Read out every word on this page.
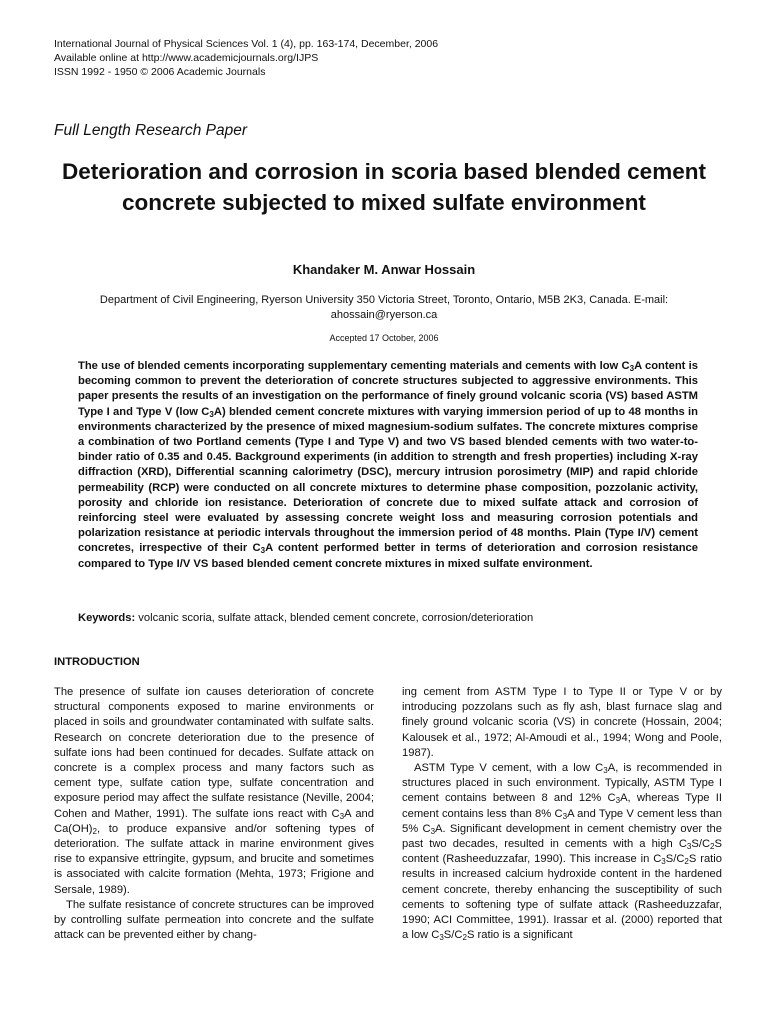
International Journal of Physical Sciences Vol. 1 (4), pp. 163-174, December, 2006
Available online at http://www.academicjournals.org/IJPS
ISSN 1992 - 1950 © 2006 Academic Journals
Full Length Research Paper
Deterioration and corrosion in scoria based blended cement concrete subjected to mixed sulfate environment
Khandaker M. Anwar Hossain
Department of Civil Engineering, Ryerson University 350 Victoria Street, Toronto, Ontario, M5B 2K3, Canada. E-mail: ahossain@ryerson.ca
Accepted 17 October, 2006
The use of blended cements incorporating supplementary cementing materials and cements with low $C_3A$ content is becoming common to prevent the deterioration of concrete structures subjected to aggressive environments. This paper presents the results of an investigation on the performance of finely ground volcanic scoria (VS) based ASTM Type I and Type V (low $C_3A$) blended cement concrete mixtures with varying immersion period of up to 48 months in environments characterized by the presence of mixed magnesium-sodium sulfates. The concrete mixtures comprise a combination of two Portland cements (Type I and Type V) and two VS based blended cements with two water-to-binder ratio of 0.35 and 0.45. Background experiments (in addition to strength and fresh properties) including X-ray diffraction (XRD), Differential scanning calorimetry (DSC), mercury intrusion porosimetry (MIP) and rapid chloride permeability (RCP) were conducted on all concrete mixtures to determine phase composition, pozzolanic activity, porosity and chloride ion resistance. Deterioration of concrete due to mixed sulfate attack and corrosion of reinforcing steel were evaluated by assessing concrete weight loss and measuring corrosion potentials and polarization resistance at periodic intervals throughout the immersion period of 48 months. Plain (Type I/V) cement concretes, irrespective of their $C_3A$ content performed better in terms of deterioration and corrosion resistance compared to Type I/V VS based blended cement concrete mixtures in mixed sulfate environment.
Keywords: volcanic scoria, sulfate attack, blended cement concrete, corrosion/deterioration
INTRODUCTION

The presence of sulfate ion causes deterioration of concrete structural components exposed to marine environments or placed in soils and groundwater contaminated with sulfate salts. Research on concrete deterioration due to the presence of sulfate ions had been continued for decades. Sulfate attack on concrete is a complex process and many factors such as cement type, sulfate cation type, sulfate concentration and exposure period may affect the sulfate resistance (Neville, 2004; Cohen and Mather, 1991). The sulfate ions react with $C_3A$ and $Ca(OH)_2$, to produce expansive and/or softening types of deterioration. The sulfate attack in marine environment gives rise to expansive ettringite, gypsum, and brucite and sometimes is associated with calcite formation (Mehta, 1973; Frigione and Sersale, 1989).

The sulfate resistance of concrete structures can be improved by controlling sulfate permeation into concrete and the sulfate attack can be prevented either by chang-

ing cement from ASTM Type I to Type II or Type V or by introducing pozzolans such as fly ash, blast furnace slag and finely ground volcanic scoria (VS) in concrete (Hossain, 2004; Kalousek et al., 1972; Al-Amoudi et al., 1994; Wong and Poole, 1987).

ASTM Type V cement, with a low $C_3A$, is recommended in structures placed in such environment. Typically, ASTM Type I cement contains between 8 and 12% $C_3A$, whereas Type II cement contains less than 8% $C_3A$ and Type V cement less than 5% $C_3A$. Significant development in cement chemistry over the past two decades, resulted in cements with a high $C_3S/C_2S$ content (Rasheeduzzafar, 1990). This increase in $C_3S/C_2S$ ratio results in increased calcium hydroxide content in the hardened cement concrete, thereby enhancing the susceptibility of such cements to softening type of sulfate attack (Rasheeduzzafar, 1990; ACI Committee, 1991). Irassar et al. (2000) reported that a low $C_3S/C_2S$ ratio is a significant
